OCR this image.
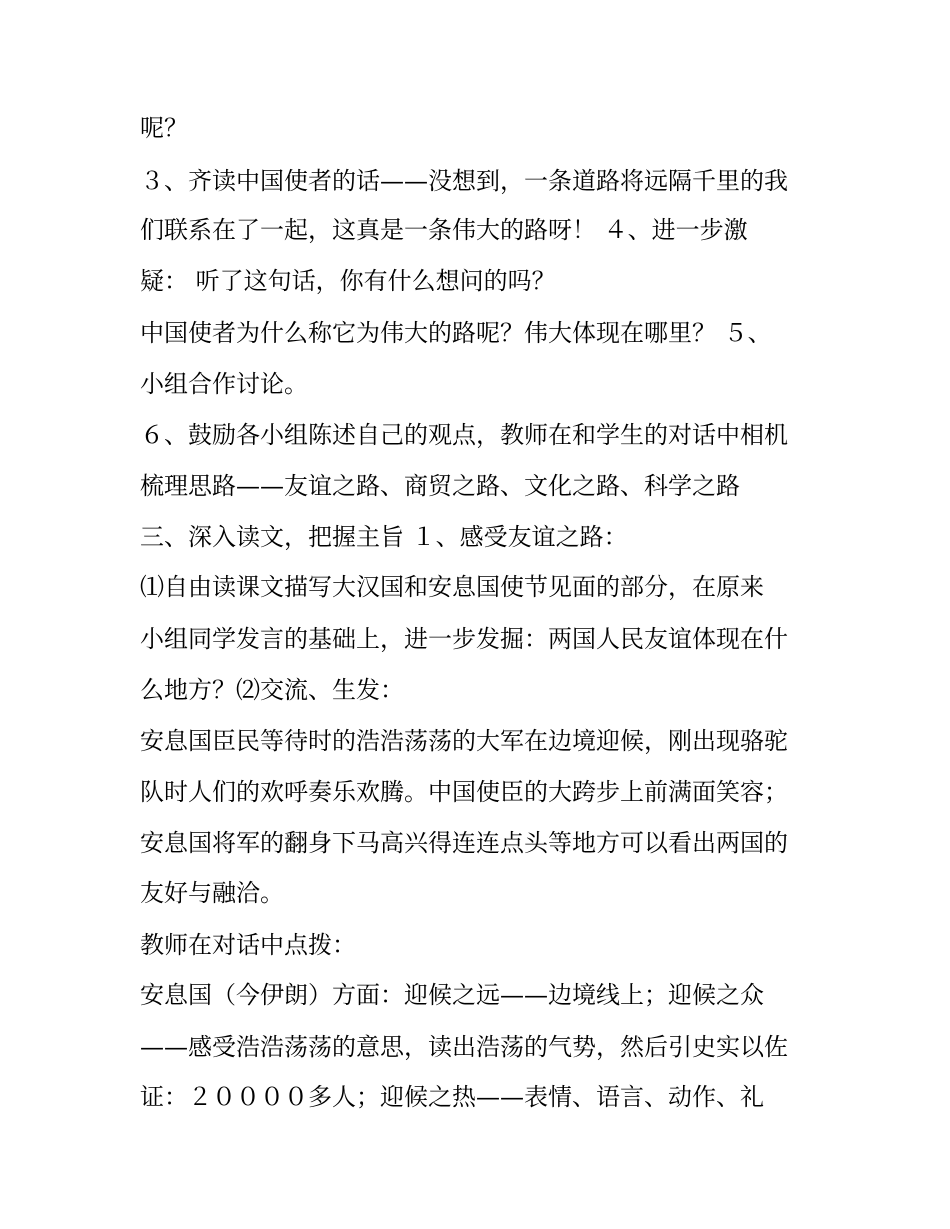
呢？
３、齐读中国使者的话——没想到，一条道路将远隔千里的我
们联系在了一起，这真是一条伟大的路呀！ ４、进一步激
疑： 听了这句话，你有什么想问的吗？
中国使者为什么称它为伟大的路呢？伟大体现在哪里？ ５、
小组合作讨论。
６、鼓励各小组陈述自己的观点，教师在和学生的对话中相机
梳理思路——友谊之路、商贸之路、文化之路、科学之路
三、深入读文，把握主旨 １、感受友谊之路：
⑴自由读课文描写大汉国和安息国使节见面的部分，在原来
小组同学发言的基础上，进一步发掘：两国人民友谊体现在什
么地方？⑵交流、生发：
安息国臣民等待时的浩浩荡荡的大军在边境迎候，刚出现骆驼
队时人们的欢呼奏乐欢腾。中国使臣的大跨步上前满面笑容；
安息国将军的翻身下马高兴得连连点头等地方可以看出两国的
友好与融洽。
教师在对话中点拨：
安息国（今伊朗）方面：迎候之远——边境线上；迎候之众
——感受浩浩荡荡的意思，读出浩荡的气势，然后引史实以佐
证：２００００多人；迎候之热——表情、语言、动作、礼
